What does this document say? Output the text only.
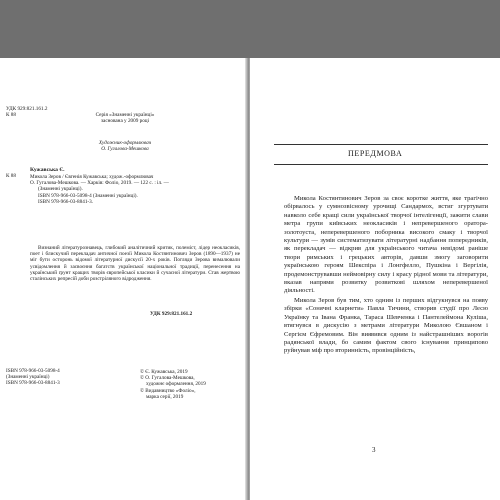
УДК 929:821.161.2
К 88	Серія «Знаменні українці»
заснована у 2009 році
Художник-оформлювач
О. Гугалова-Мешкова
К 88
Кужавська Є.
Микола Зеров / Євгенія Кужавська; худож.-оформлювач
О. Гугалова-Мешкова. — Харків: Фоліо, 2019. — 122 с. : іл. —
(Знаменні українці).
ISBN 978-966-03-5098-4 (Знаменні українці).
ISBN 978-966-03-8841-3.
Визнаний літературознавець, глибокий аналітичний критик, полеміст, лідер неокласиків, поет і блискучий перекладач античної поезії Микола Костянтинович Зеров (1890—1937) не міг бути осторонь відомої літературної дискусії 20-х років. Погляди Зерова вималювали усвідомлення й засвоєння багатств української національної традиції, перенесення на український ґрунт кращих творів європейської класики й сучасної літератури. Став жертвою сталінських репресій доби розстріляного відродження.
УДК 929:821.161.2
ISBN 978-966-03-5098-4
(Знаменні українці)
ISBN 978-966-03-8841-3
© Є. Кужавська, 2019
© О. Гугалова-Мешкова,
художнє оформлення, 2019
© Видавництво «Фоліо»,
марка серії, 2019
ПЕРЕДМОВА

Микола Костянтинович Зеров за своє коротке життя, яке трагічно обірвалось у сумнозвісному урочищі Сандармох, встиг згуртувати навколо себе кращі сили української творчої інтелігенції, зажити слави метра групи київських неокласиків і непревершеного оратора-золотоуста, неперевершеного поборника високого смаку і творчої культури — зумів систематизувати літературні надбання попередників, як перекладач — відкрив для українського читача невідомі раніше твори римських і грецьких авторів, давши змогу заговорити українською героям Шекспіра і Лонгфелло, Пушкіна і Вергілія, продемонструвавши неймовірну силу і красу рідної мови та літератури, вказав напрями розвитку розвиткові шляхом неперевершеної діяльності.

Микола Зеров був тим, хто одним із перших відгукнувся на появу збірки «Сонячні кларнети» Павла Тичини, створив студії про Лесю Українку та Івана Франка, Тараса Шевченка і Пантелеймона Куліша, втягнувся в дискусію з метрами літератури Миколою Євшаном і Сергієм Єфремовим. Він виявився одним із найстрашніших ворогів радянської влади, бо самим фактом свого існування принципово руйнував міф про вторинність, провінційність,

3
